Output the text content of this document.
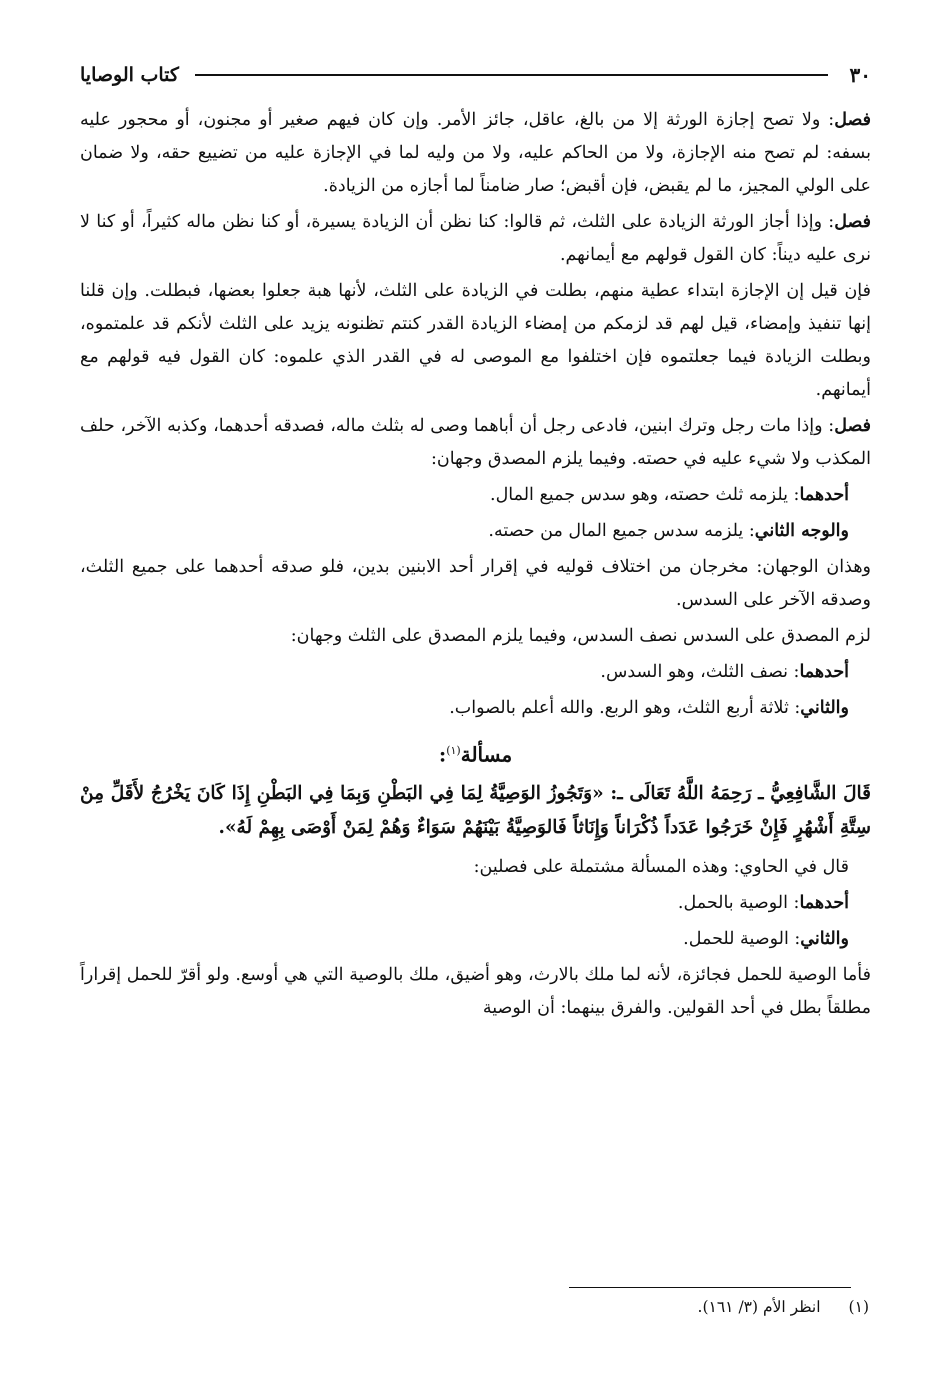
٣٠
كتاب الوصايا

فصل: ولا تصح إجازة الورثة إلا من بالغ، عاقل، جائز الأمر. وإن كان فيهم صغير أو مجنون، أو محجور عليه بسفه: لم تصح منه الإجازة، ولا من الحاكم عليه، ولا من وليه لما في الإجازة عليه من تضييع حقه، ولا ضمان على الولي المجيز، ما لم يقبض، فإن أقبض؛ صار ضامناً لما أجازه من الزيادة.

فصل: وإذا أجاز الورثة الزيادة على الثلث، ثم قالوا: كنا نظن أن الزيادة يسيرة، أو كنا نظن ماله كثيراً، أو كنا لا نرى عليه ديناً: كان القول قولهم مع أيمانهم.

فإن قيل إن الإجازة ابتداء عطية منهم، بطلت في الزيادة على الثلث، لأنها هبة جعلوا بعضها، فبطلت. وإن قلنا إنها تنفيذ وإمضاء، قيل لهم قد لزمكم من إمضاء الزيادة القدر كنتم تظنونه يزيد على الثلث لأنكم قد علمتموه، وبطلت الزيادة فيما جعلتموه فإن اختلفوا مع الموصى له في القدر الذي علموه: كان القول فيه قولهم مع أيمانهم.

فصل: وإذا مات رجل وترك ابنين، فادعى رجل أن أباهما وصى له بثلث ماله، فصدقه أحدهما، وكذبه الآخر، حلف المكذب ولا شيء عليه في حصته. وفيما يلزم المصدق وجهان:

أحدهما: يلزمه ثلث حصته، وهو سدس جميع المال.

والوجه الثاني: يلزمه سدس جميع المال من حصته.

وهذان الوجهان: مخرجان من اختلاف قوليه في إقرار أحد الابنين بدين، فلو صدقه أحدهما على جميع الثلث، وصدقه الآخر على السدس.

لزم المصدق على السدس نصف السدس، وفيما يلزم المصدق على الثلث وجهان:

أحدهما: نصف الثلث، وهو السدس.

والثاني: ثلاثة أربع الثلث، وهو الربع. والله أعلم بالصواب.

مسألة$^{(١)}$:

قَالَ الشَّافِعِيُّ ـ رَحِمَهُ اللَّهُ تَعَالَى ـ: «وَتَجُوزُ الوَصِيَّةُ لِمَا فِي البَطْنِ وَبِمَا فِي البَطْنِ إِذَا كَانَ يَخْرُجُ لأَقَلِّ مِنْ سِتَّةِ أَشْهُرٍ فَإِنْ خَرَجُوا عَدَداً ذُكْرَاناً وَإِنَاثاً فَالوَصِيَّةُ بَيْنَهُمْ سَوَاءٌ وَهُمْ لِمَنْ أَوْصَى بِهِمْ لَهُ».

قال في الحاوي: وهذه المسألة مشتملة على فصلين:

أحدهما: الوصية بالحمل.

والثاني: الوصية للحمل.

فأما الوصية للحمل فجائزة، لأنه لما ملك بالارث، وهو أضيق، ملك بالوصية التي هي أوسع. ولو أقرّ للحمل إقراراً مطلقاً بطل في أحد القولين. والفرق بينهما: أن الوصية

(١)انظر الأم (٣/ ١٦١).
